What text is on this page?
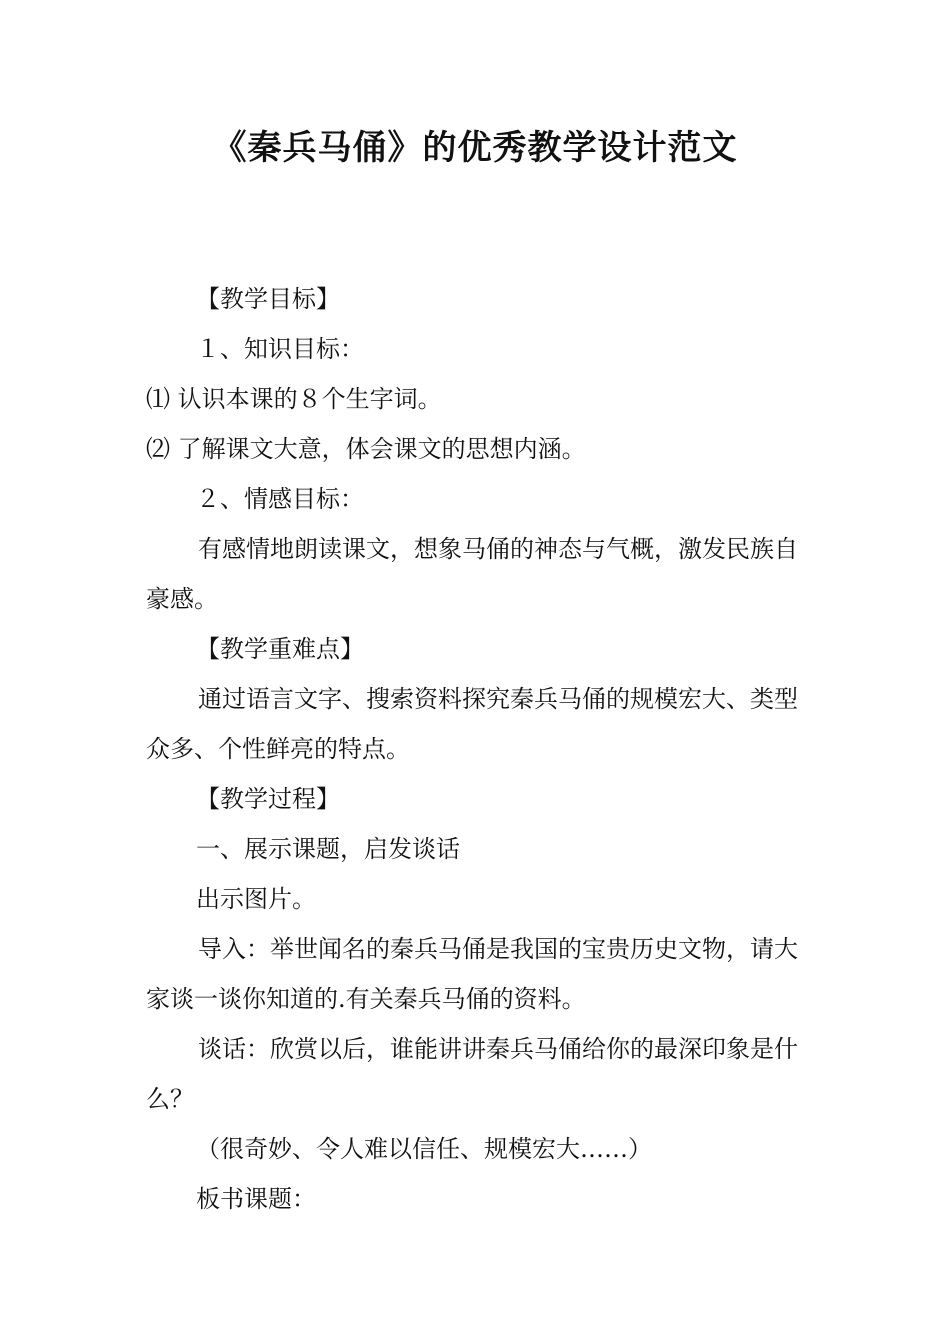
《秦兵马俑》的优秀教学设计范文

【教学目标】

１、知识目标：

⑴ 认识本课的８个生字词。

⑵ 了解课文大意，体会课文的思想内涵。

２、情感目标：

有感情地朗读课文，想象马俑的神态与气概，激发民族自豪感。

【教学重难点】

通过语言文字、搜索资料探究秦兵马俑的规模宏大、类型众多、个性鲜亮的特点。

【教学过程】

一、展示课题，启发谈话

出示图片。

导入：举世闻名的秦兵马俑是我国的宝贵历史文物，请大家谈一谈你知道的.有关秦兵马俑的资料。

谈话：欣赏以后，谁能讲讲秦兵马俑给你的最深印象是什么？

（很奇妙、令人难以信任、规模宏大……）

板书课题：
